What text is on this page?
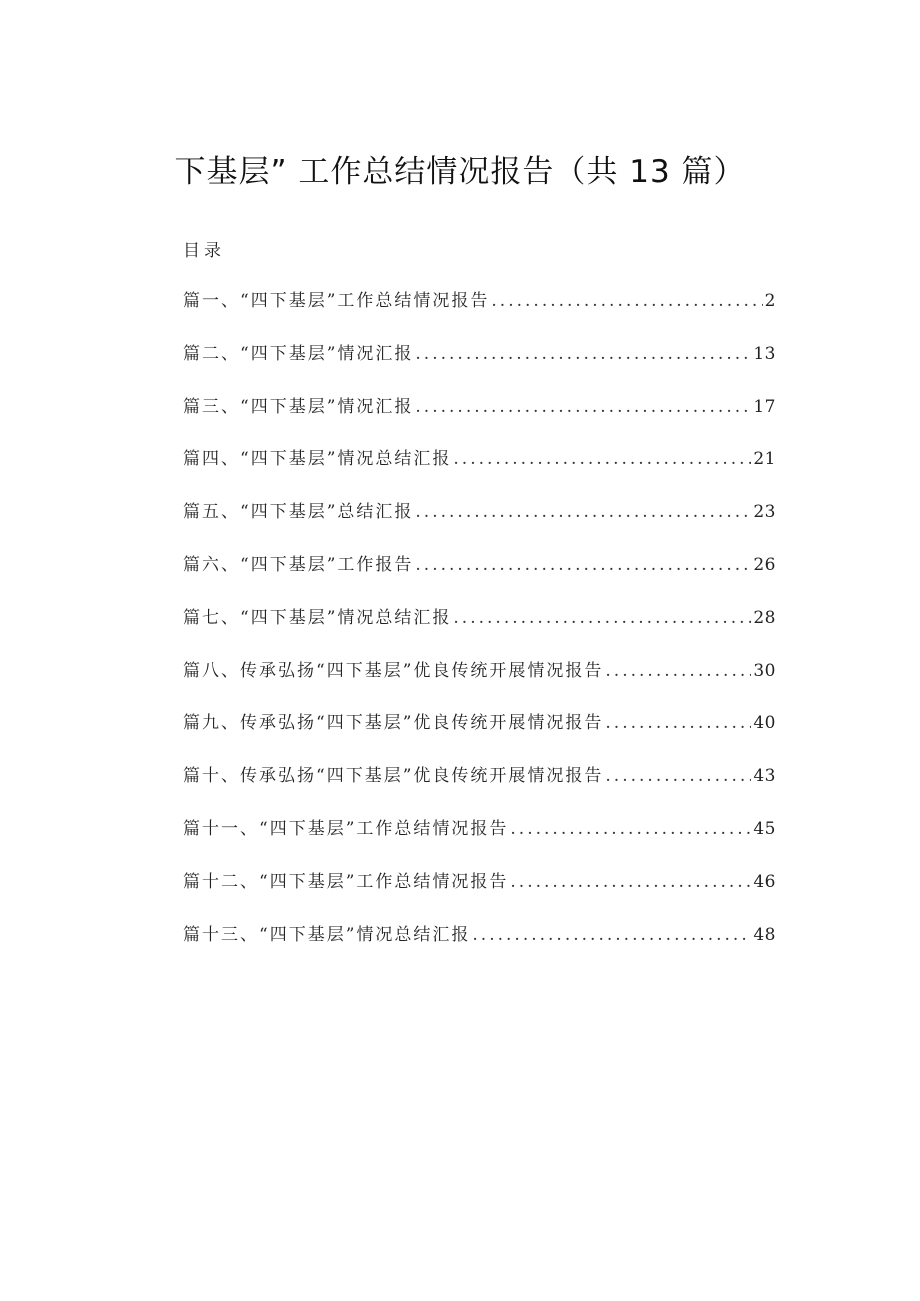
下基层” 工作总结情况报告（共 13 篇）
目录
篇一、“四下基层”工作总结情况报告 .....	2
篇二、“四下基层”情况汇报 .....	13
篇三、“四下基层”情况汇报 .....	17
篇四、“四下基层”情况总结汇报 .....	21
篇五、“四下基层”总结汇报 .....	23
篇六、“四下基层”工作报告 .....	26
篇七、“四下基层”情况总结汇报 .....	28
篇八、传承弘扬“四下基层”优良传统开展情况报告 .....	30
篇九、传承弘扬“四下基层”优良传统开展情况报告 .....	40
篇十、传承弘扬“四下基层”优良传统开展情况报告 .....	43
篇十一、“四下基层”工作总结情况报告 .....	45
篇十二、“四下基层”工作总结情况报告 .....	46
篇十三、“四下基层”情况总结汇报 .....	48
